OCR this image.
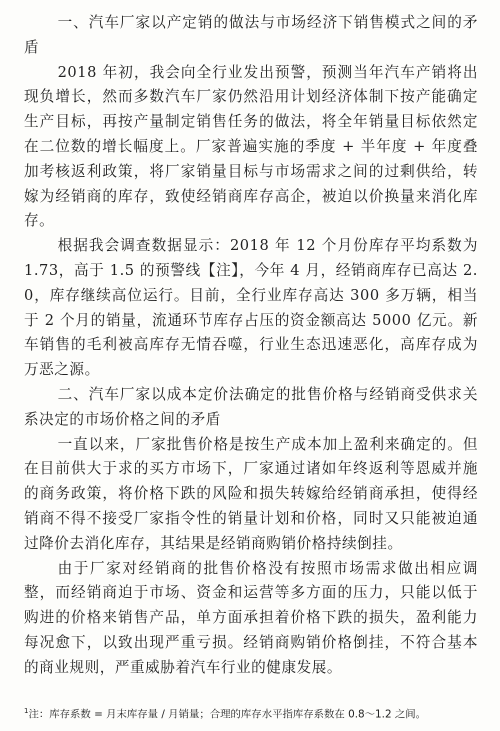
一、汽车厂家以产定销的做法与市场经济下销售模式之间的矛盾

2018 年初，我会向全行业发出预警，预测当年汽车产销将出现负增长，然而多数汽车厂家仍然沿用计划经济体制下按产能确定生产目标，再按产量制定销售任务的做法，将全年销量目标依然定在二位数的增长幅度上。厂家普遍实施的季度 + 半年度 + 年度叠加考核返利政策，将厂家销量目标与市场需求之间的过剩供给，转嫁为经销商的库存，致使经销商库存高企，被迫以价换量来消化库存。

根据我会调查数据显示：2018 年 12 个月份库存平均系数为 1.73，高于 1.5 的预警线【注】，今年 4 月，经销商库存已高达 2.0，库存继续高位运行。目前，全行业库存高达 300 多万辆，相当于 2 个月的销量，流通环节库存占压的资金额高达 5000 亿元。新车销售的毛利被高库存无情吞噬，行业生态迅速恶化，高库存成为万恶之源。

二、汽车厂家以成本定价法确定的批售价格与经销商受供求关系决定的市场价格之间的矛盾

一直以来，厂家批售价格是按生产成本加上盈利来确定的。但在目前供大于求的买方市场下，厂家通过诸如年终返利等恩威并施的商务政策，将价格下跌的风险和损失转嫁给经销商承担，使得经销商不得不接受厂家指令性的销量计划和价格，同时又只能被迫通过降价去消化库存，其结果是经销商购销价格持续倒挂。

由于厂家对经销商的批售价格没有按照市场需求做出相应调整，而经销商迫于市场、资金和运营等多方面的压力，只能以低于购进的价格来销售产品，单方面承担着价格下跌的损失，盈利能力每况愈下，以致出现严重亏损。经销商购销价格倒挂，不符合基本的商业规则，严重威胁着汽车行业的健康发展。

$^1$注：库存系数 = 月末库存量 / 月销量；合理的库存水平指库存系数在 0.8～1.2 之间。
